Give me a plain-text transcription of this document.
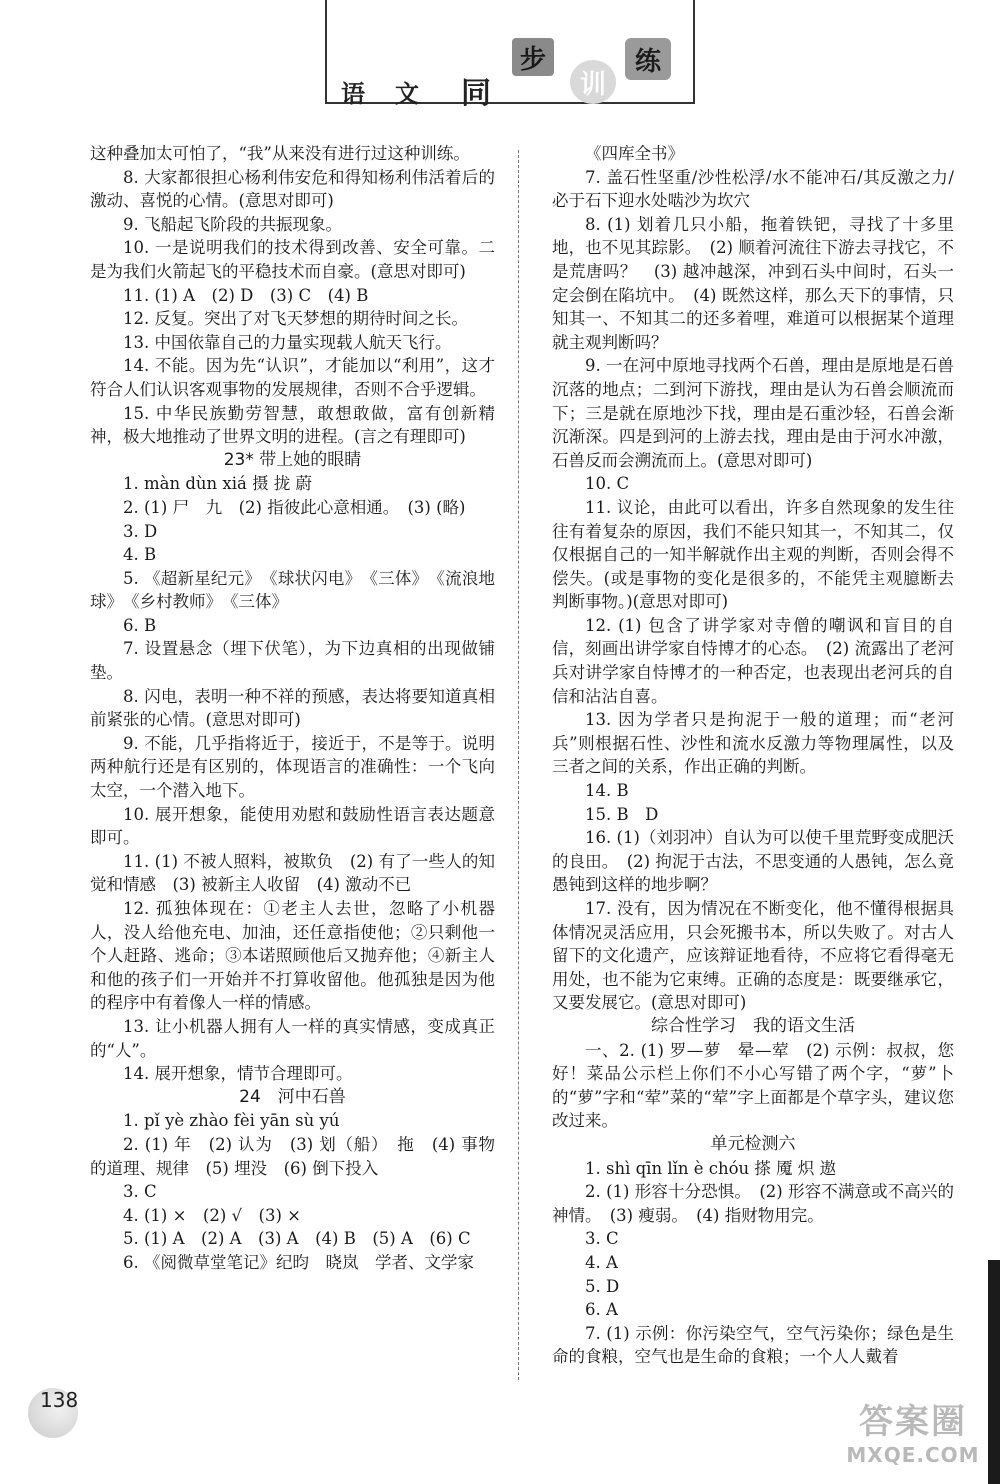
语 文 同
步
训
练

这种叠加太可怕了，“我”从来没有进行过这种训练。

8. 大家都很担心杨利伟安危和得知杨利伟活着后的激动、喜悦的心情。(意思对即可)

9. 飞船起飞阶段的共振现象。

10. 一是说明我们的技术得到改善、安全可靠。二是为我们火箭起飞的平稳技术而自豪。(意思对即可)

11. (1) A　(2) D　(3) C　(4) B

12. 反复。突出了对飞天梦想的期待时间之长。

13. 中国依靠自己的力量实现载人航天飞行。

14. 不能。因为先“认识”，才能加以“利用”，这才符合人们认识客观事物的发展规律，否则不合乎逻辑。

15. 中华民族勤劳智慧，敢想敢做，富有创新精神，极大地推动了世界文明的进程。(言之有理即可)

23* 带上她的眼睛

1. màn dùn xiá 摄 拢 蔚

2. (1) 尸　九　(2) 指彼此心意相通。　(3) (略)

3. D

4. B

5. 《超新星纪元》　《球状闪电》　《三体》　《流浪地球》　《乡村教师》　《三体》

6. B

7. 设置悬念（埋下伏笔），为下边真相的出现做铺垫。

8. 闪电，表明一种不祥的预感，表达将要知道真相前紧张的心情。(意思对即可)

9. 不能，几乎指将近于，接近于，不是等于。说明两种航行还是有区别的，体现语言的准确性：一个飞向太空，一个潜入地下。

10. 展开想象，能使用劝慰和鼓励性语言表达题意即可。

11. (1) 不被人照料，被欺负　(2) 有了一些人的知觉和情感　(3) 被新主人收留　(4) 激动不已

12. 孤独体现在：①老主人去世，忽略了小机器人，没人给他充电、加油，还任意指使他；②只剩他一个人赶路、逃命；③本诺照顾他后又抛弃他；④新主人和他的孩子们一开始并不打算收留他。他孤独是因为他的程序中有着像人一样的情感。

13. 让小机器人拥有人一样的真实情感，变成真正的“人”。

14. 展开想象，情节合理即可。

24　河中石兽

1. pǐ yè zhào fèi yān sù yú

2. (1) 年　(2) 认为　(3) 划（船）　拖　(4) 事物的道理、规律　(5) 埋没　(6) 倒下投入

3. C

4. (1) ×　(2) √　(3) ×

5. (1) A　(2) A　(3) A　(4) B　(5) A　(6) C

6. 《阅微草堂笔记》纪昀　晓岚　学者、文学家

《四库全书》

7. 盖石性坚重/沙性松浮/水不能冲石/其反激之力/必于石下迎水处啮沙为坎穴

8. (1) 划着几只小船，拖着铁钯，寻找了十多里地，也不见其踪影。　(2) 顺着河流往下游去寻找它，不是荒唐吗？　(3) 越冲越深，冲到石头中间时，石头一定会倒在陷坑中。　(4) 既然这样，那么天下的事情，只知其一、不知其二的还多着哩，难道可以根据某个道理就主观判断吗？

9. 一在河中原地寻找两个石兽，理由是原地是石兽沉落的地点；二到河下游找，理由是认为石兽会顺流而下；三是就在原地沙下找，理由是石重沙轻，石兽会渐沉渐深。四是到河的上游去找，理由是由于河水冲激，石兽反而会溯流而上。(意思对即可)

10. C

11. 议论，由此可以看出，许多自然现象的发生往往有着复杂的原因，我们不能只知其一，不知其二，仅仅根据自己的一知半解就作出主观的判断，否则会得不偿失。(或是事物的变化是很多的，不能凭主观臆断去判断事物。)(意思对即可)

12. (1) 包含了讲学家对寺僧的嘲讽和盲目的自信，刻画出讲学家自恃博才的心态。　(2) 流露出了老河兵对讲学家自恃博才的一种否定，也表现出老河兵的自信和沾沾自喜。

13. 因为学者只是拘泥于一般的道理；而“老河兵”则根据石性、沙性和流水反激力等物理属性，以及三者之间的关系，作出正确的判断。

14. B

15. B　D

16. (1)（刘羽冲）自认为可以使千里荒野变成肥沃的良田。　(2) 拘泥于古法，不思变通的人愚钝，怎么竟愚钝到这样的地步啊？

17. 没有，因为情况在不断变化，他不懂得根据具体情况灵活应用，只会死搬书本，所以失败了。对古人留下的文化遗产，应该辩证地看待，不应将它看得毫无用处，也不能为它束缚。正确的态度是：既要继承它，又要发展它。(意思对即可)

综合性学习　我的语文生活

一、2. (1) 罗—萝　晕—荤　(2) 示例：叔叔，您好！菜品公示栏上你们不小心写错了两个字，“萝”卜的“萝”字和“荤”菜的“荤”字上面都是个草字头，建议您改过来。

单元检测六

1. shì qīn lǐn è chóu 搽 魇 炽 遨

2. (1) 形容十分恐惧。　(2) 形容不满意或不高兴的神情。　(3) 瘦弱。　(4) 指财物用完。

3. C

4. A

5. D

6. A

7. (1) 示例：你污染空气，空气污染你；绿色是生命的食粮，空气也是生命的食粮；一个人人戴着

138
答案圈
MXQE.COM
